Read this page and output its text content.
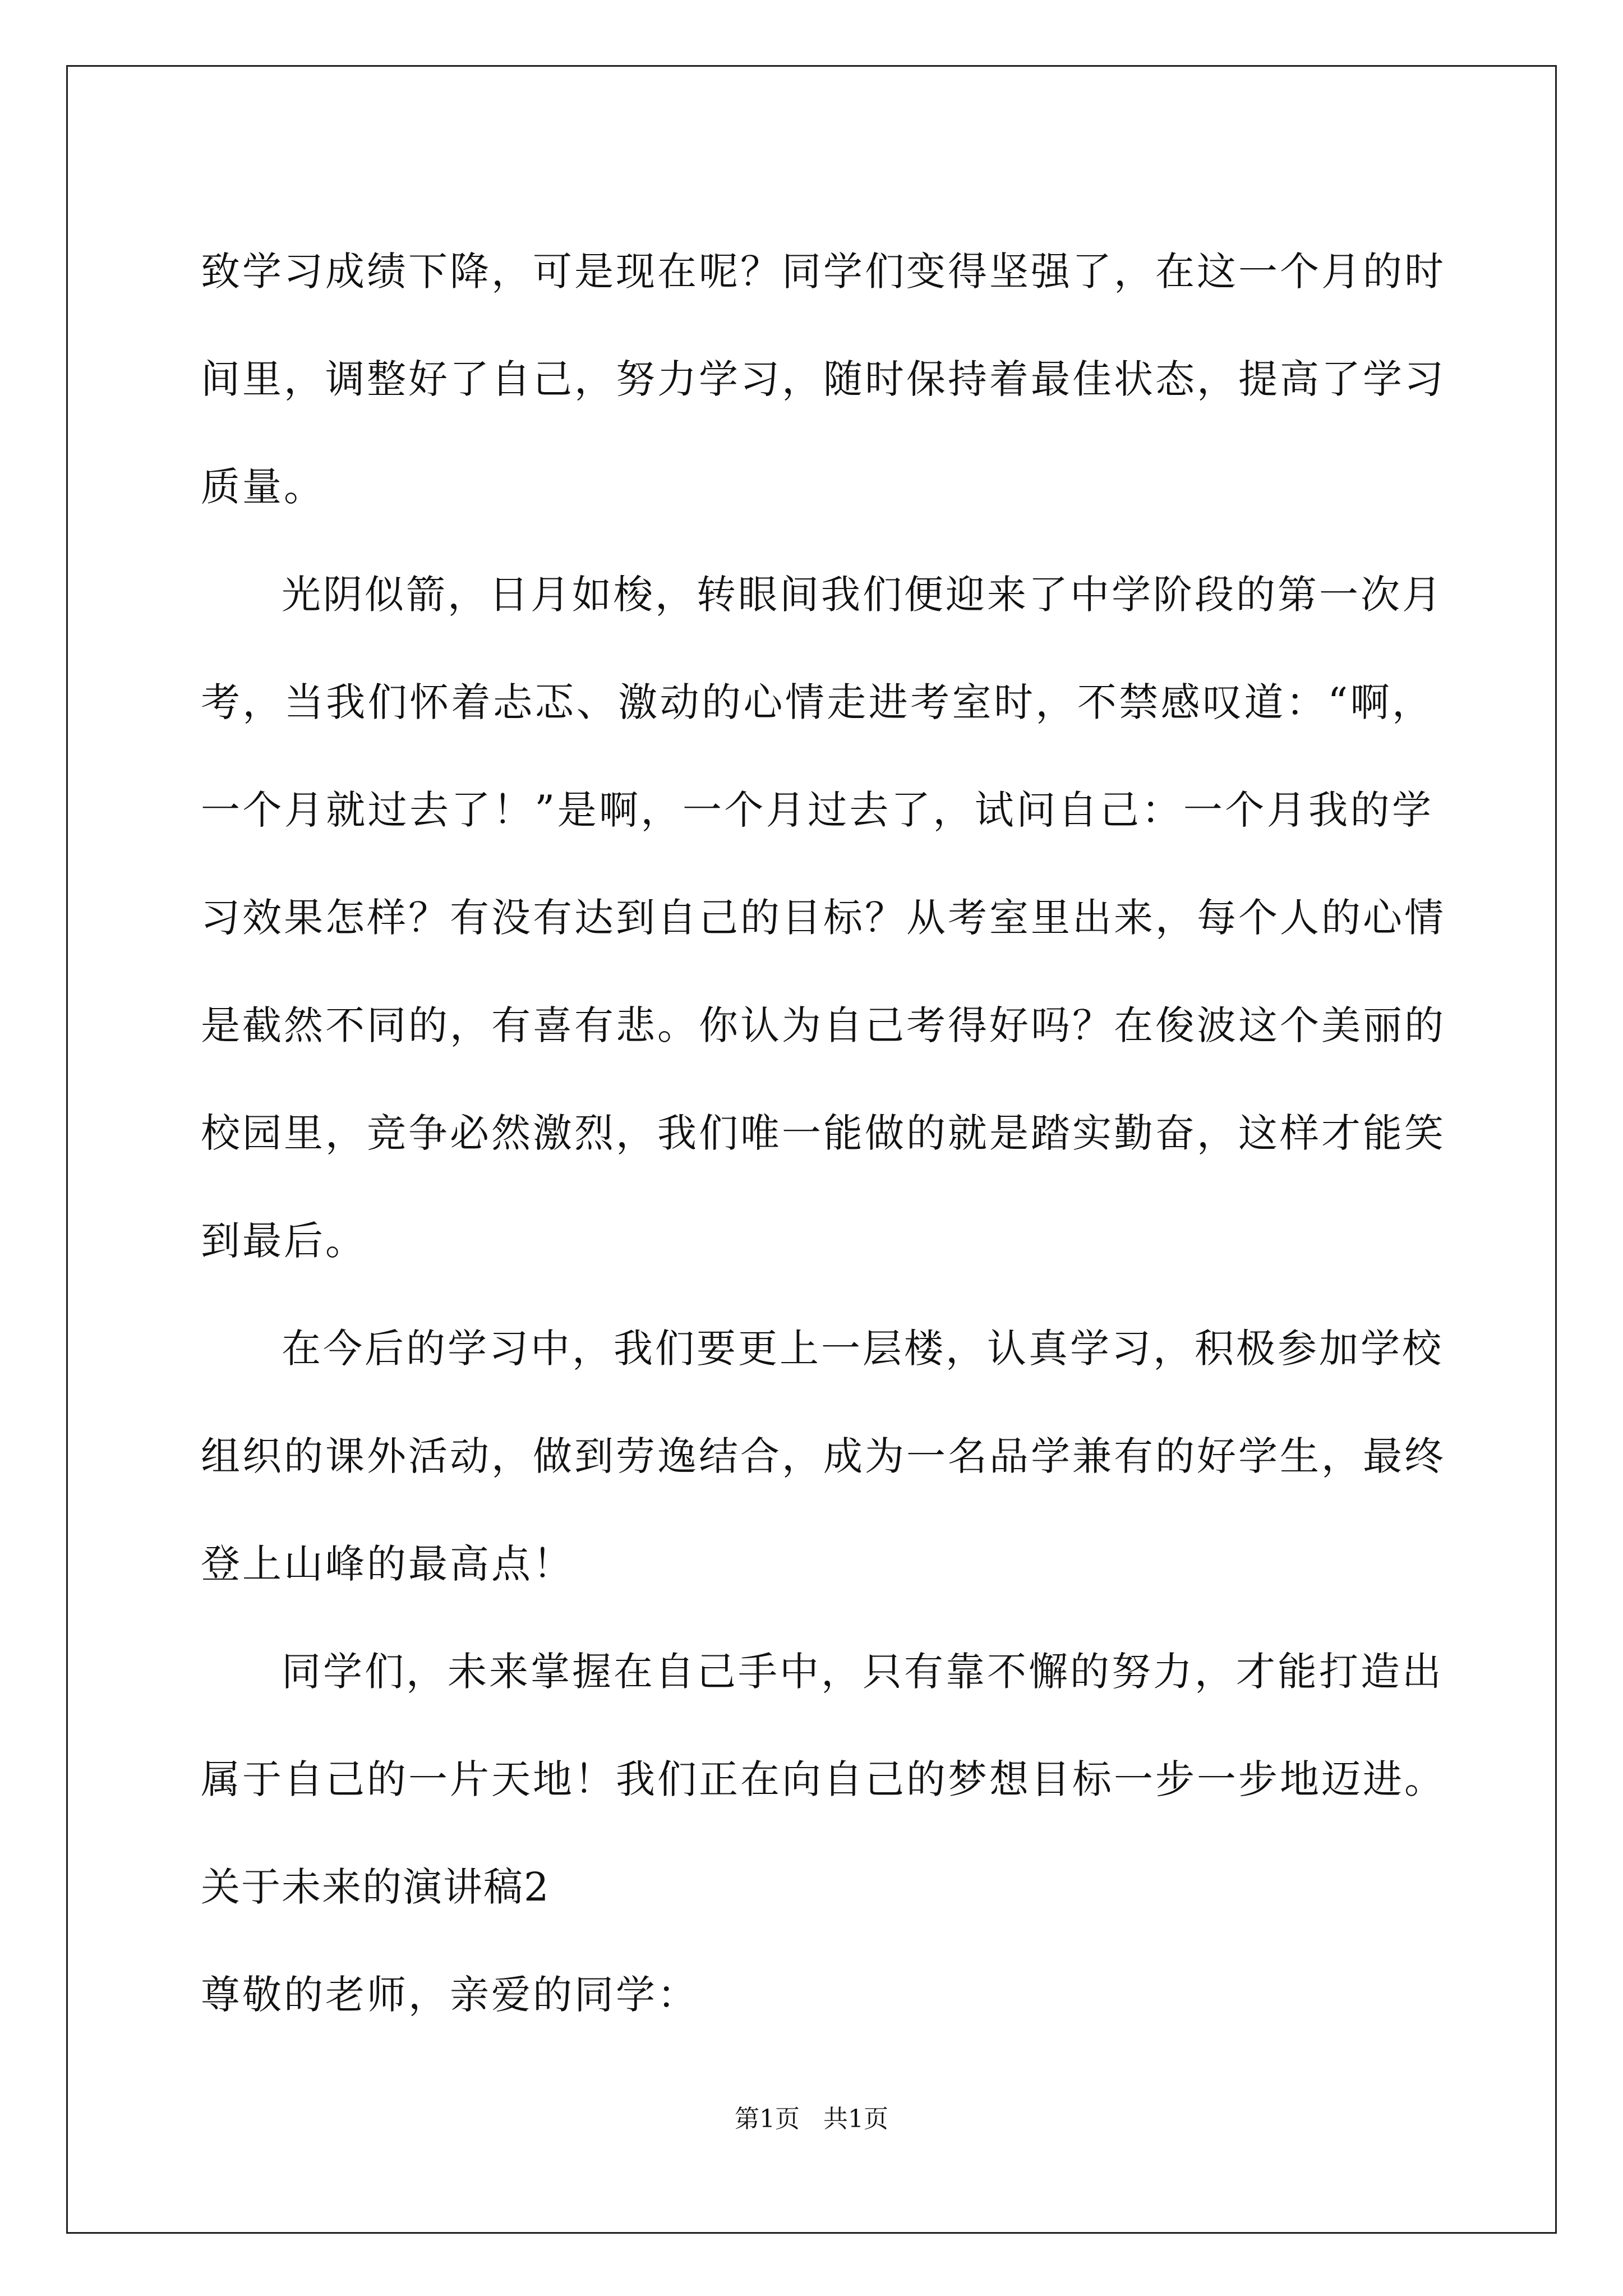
致学习成绩下降，可是现在呢？同学们变得坚强了，在这一个月的时
间里，调整好了自己，努力学习，随时保持着最佳状态，提高了学习
质量。
光阴似箭，日月如梭，转眼间我们便迎来了中学阶段的第一次月
考，当我们怀着忐忑、激动的心情走进考室时，不禁感叹道：“啊，
一个月就过去了！”是啊，一个月过去了，试问自己：一个月我的学
习效果怎样？有没有达到自己的目标？从考室里出来，每个人的心情
是截然不同的，有喜有悲。你认为自己考得好吗？在俊波这个美丽的
校园里，竞争必然激烈，我们唯一能做的就是踏实勤奋，这样才能笑
到最后。
在今后的学习中，我们要更上一层楼，认真学习，积极参加学校
组织的课外活动，做到劳逸结合，成为一名品学兼有的好学生，最终
登上山峰的最高点！
同学们，未来掌握在自己手中，只有靠不懈的努力，才能打造出
属于自己的一片天地！我们正在向自己的梦想目标一步一步地迈进。
关于未来的演讲稿2
尊敬的老师，亲爱的同学：
第1页   共1页
